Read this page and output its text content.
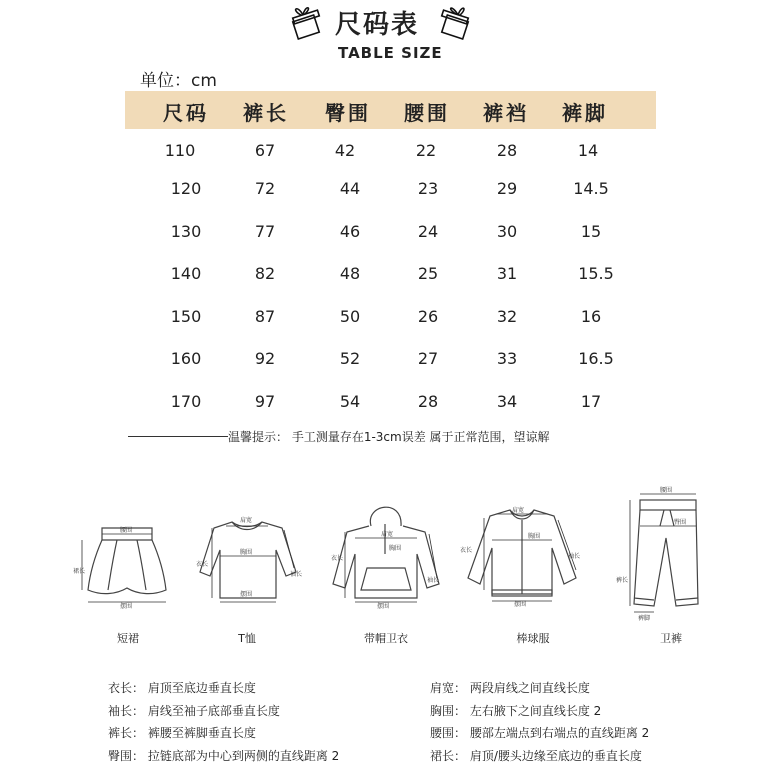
尺码表
TABLE SIZE
单位：cm
尺码	裤长	臀围	腰围	裤裆	裤脚
110	67	42	22	28	14
120	72	44	23	29	14.5
130	77	46	24	30	15
140	82	48	25	31	15.5
150	87	50	26	32	16
160	92	52	27	33	16.5
170	97	54	28	34	17
温馨提示： 手工测量存在1-3cm误差 属于正常范围，望谅解
腰围
摆围
裙长
短裙
肩宽
胸围
摆围
衣长
袖长
T恤
肩宽
胸围
摆围
衣长
袖长
带帽卫衣
肩宽
胸围
摆围
衣长
袖长
棒球服
腰围
臀围
裤长
裤脚
卫裤
衣长： 肩顶至底边垂直长度
袖长： 肩线至袖子底部垂直长度
裤长： 裤腰至裤脚垂直长度
臀围： 拉链底部为中心到两侧的直线距离 2
肩宽： 两段肩线之间直线长度
胸围： 左右腋下之间直线长度 2
腰围： 腰部左端点到右端点的直线距离 2
裙长： 肩顶/腰头边缘至底边的垂直长度
